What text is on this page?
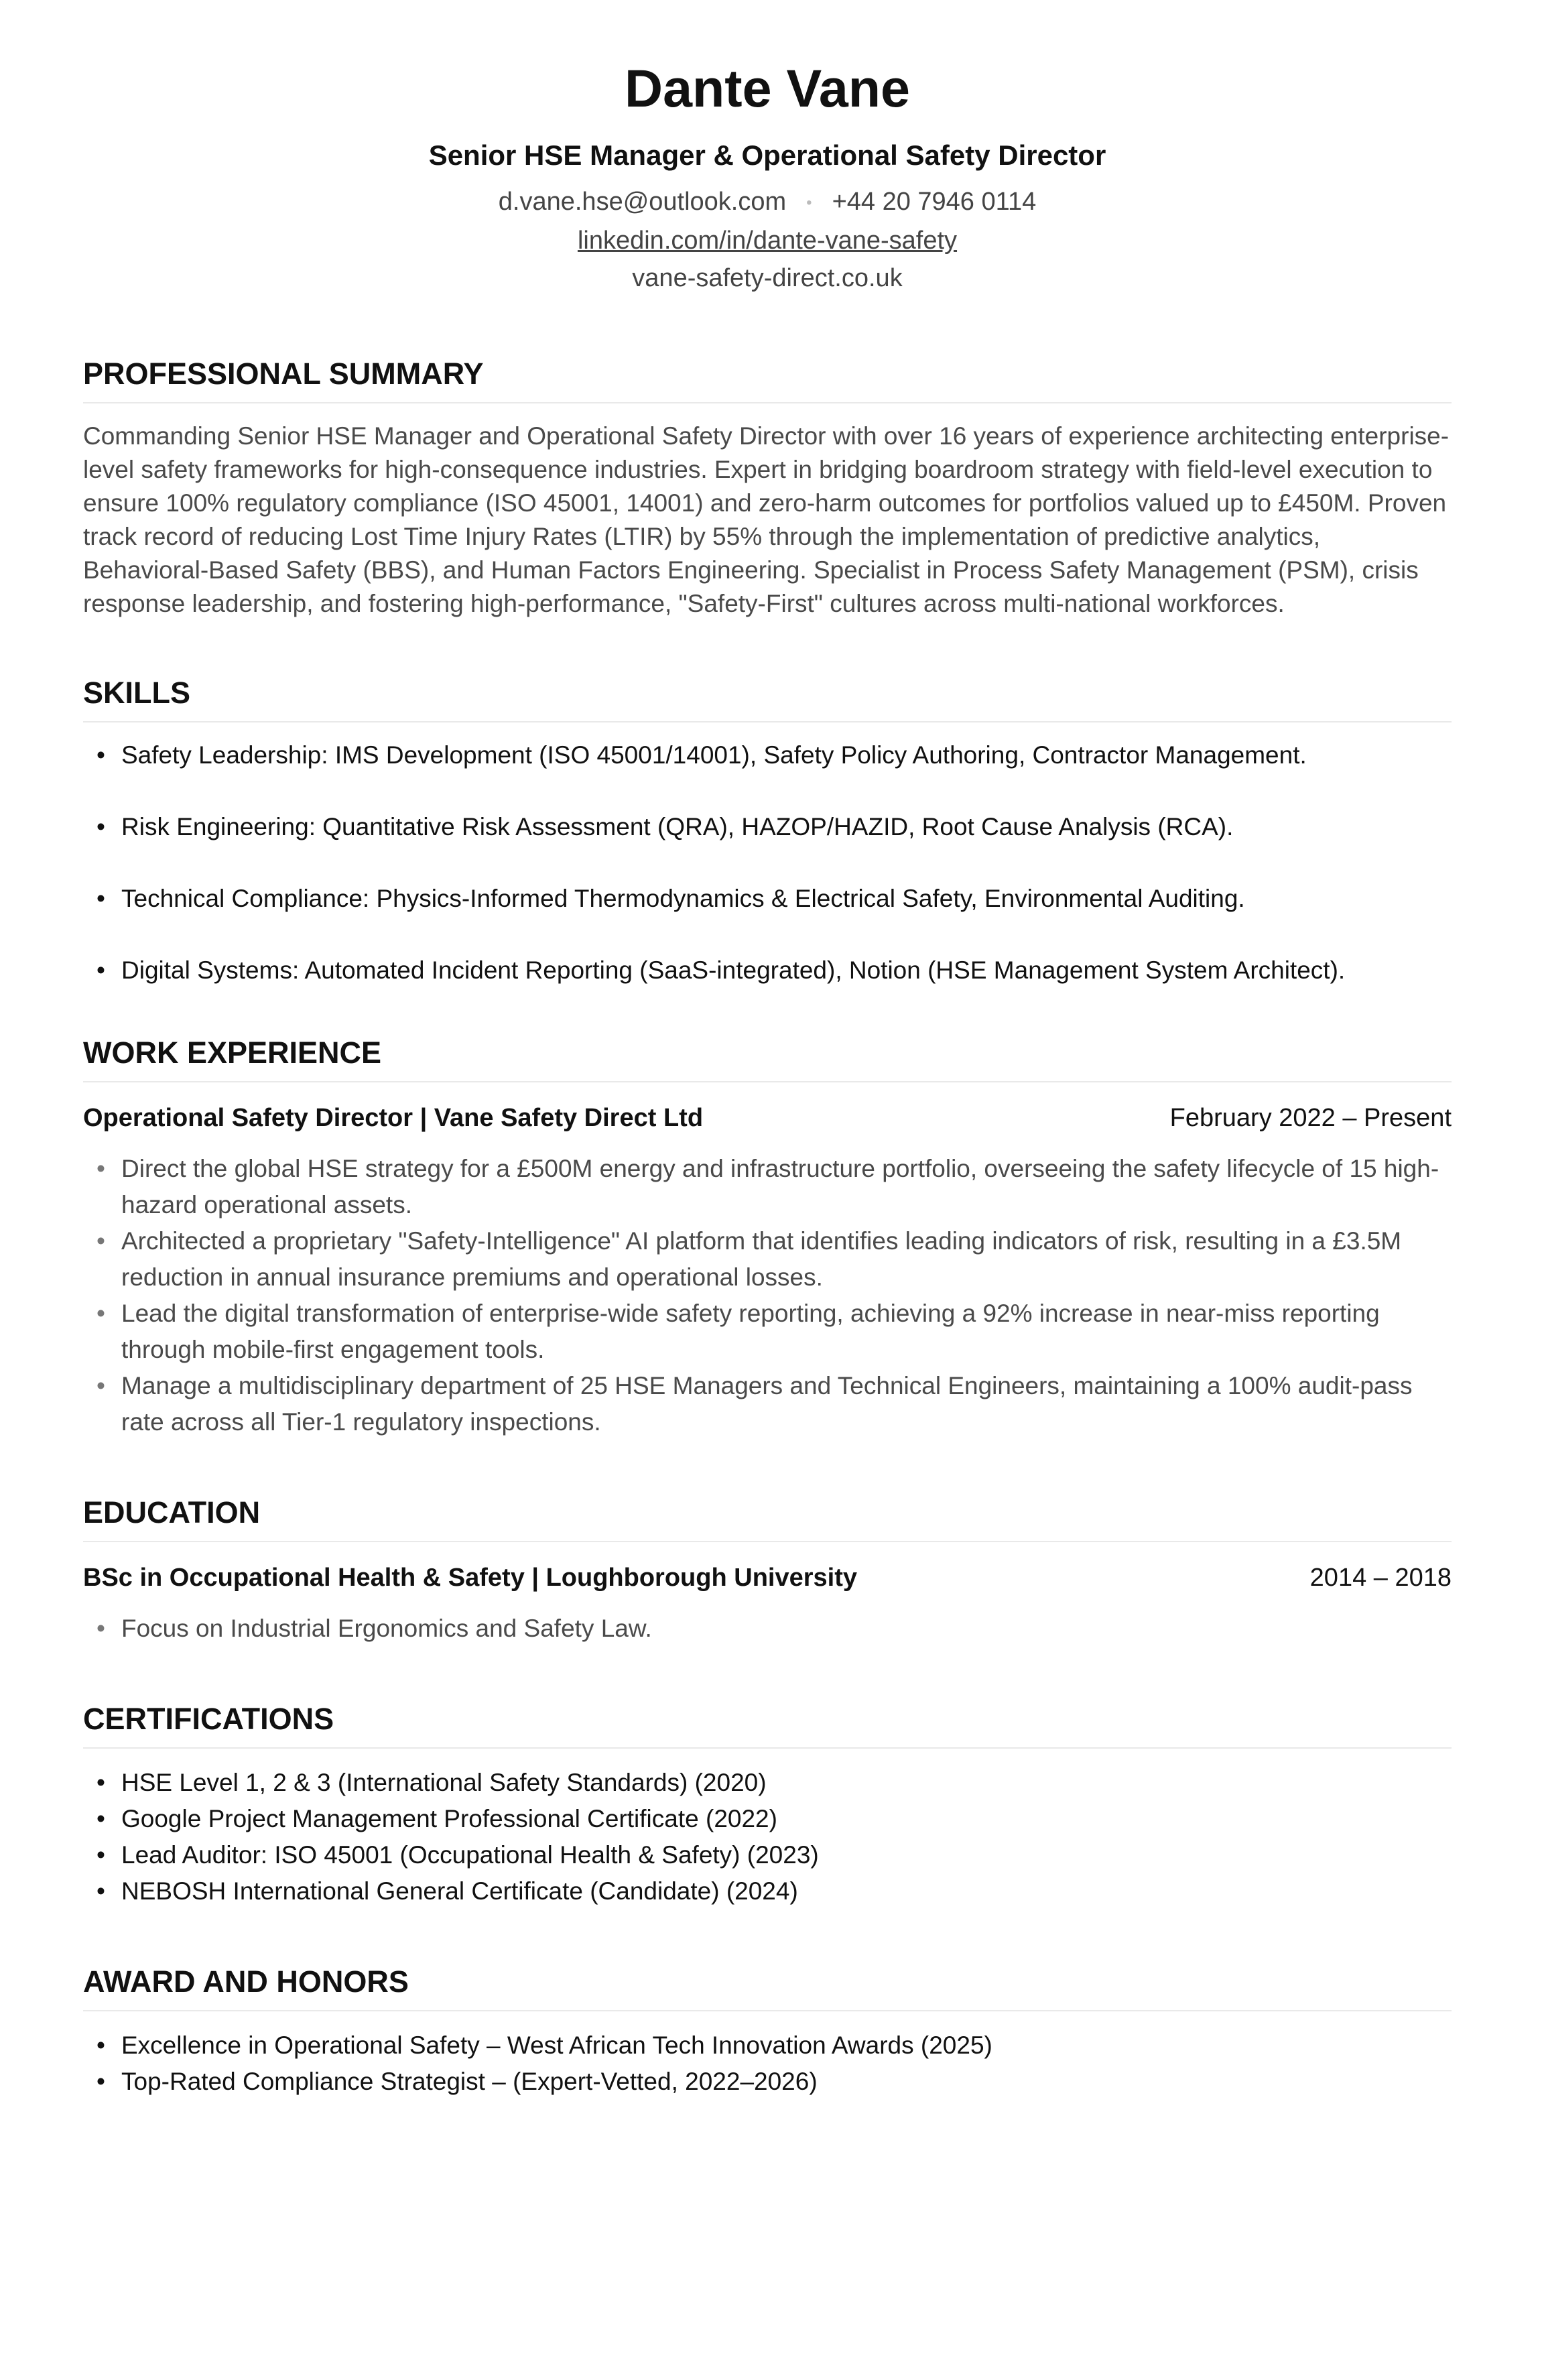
Dante Vane
Senior HSE Manager & Operational Safety Director
d.vane.hse@outlook.com • +44 20 7946 0114
linkedin.com/in/dante-vane-safety
vane-safety-direct.co.uk
PROFESSIONAL SUMMARY

Commanding Senior HSE Manager and Operational Safety Director with over 16 years of experience architecting enterprise-level safety frameworks for high-consequence industries. Expert in bridging boardroom strategy with field-level execution to ensure 100% regulatory compliance (ISO 45001, 14001) and zero-harm outcomes for portfolios valued up to £450M. Proven track record of reducing Lost Time Injury Rates (LTIR) by 55% through the implementation of predictive analytics, Behavioral-Based Safety (BBS), and Human Factors Engineering. Specialist in Process Safety Management (PSM), crisis response leadership, and fostering high-performance, "Safety-First" cultures across multi-national workforces.

SKILLS
• Safety Leadership: IMS Development (ISO 45001/14001), Safety Policy Authoring, Contractor Management.
• Risk Engineering: Quantitative Risk Assessment (QRA), HAZOP/HAZID, Root Cause Analysis (RCA).
• Technical Compliance: Physics-Informed Thermodynamics & Electrical Safety, Environmental Auditing.
• Digital Systems: Automated Incident Reporting (SaaS-integrated), Notion (HSE Management System Architect).
WORK EXPERIENCE
Operational Safety Director | Vane Safety Direct Ltd	February 2022 – Present
• Direct the global HSE strategy for a £500M energy and infrastructure portfolio, overseeing the safety lifecycle of 15 high-hazard operational assets.
• Architected a proprietary "Safety-Intelligence" AI platform that identifies leading indicators of risk, resulting in a £3.5M reduction in annual insurance premiums and operational losses.
• Lead the digital transformation of enterprise-wide safety reporting, achieving a 92% increase in near-miss reporting through mobile-first engagement tools.
• Manage a multidisciplinary department of 25 HSE Managers and Technical Engineers, maintaining a 100% audit-pass rate across all Tier-1 regulatory inspections.
EDUCATION
BSc in Occupational Health & Safety | Loughborough University	2014 – 2018
• Focus on Industrial Ergonomics and Safety Law.
CERTIFICATIONS
• HSE Level 1, 2 & 3 (International Safety Standards) (2020)
• Google Project Management Professional Certificate (2022)
• Lead Auditor: ISO 45001 (Occupational Health & Safety) (2023)
• NEBOSH International General Certificate (Candidate) (2024)
AWARD AND HONORS
• Excellence in Operational Safety – West African Tech Innovation Awards (2025)
• Top-Rated Compliance Strategist – (Expert-Vetted, 2022–2026)
